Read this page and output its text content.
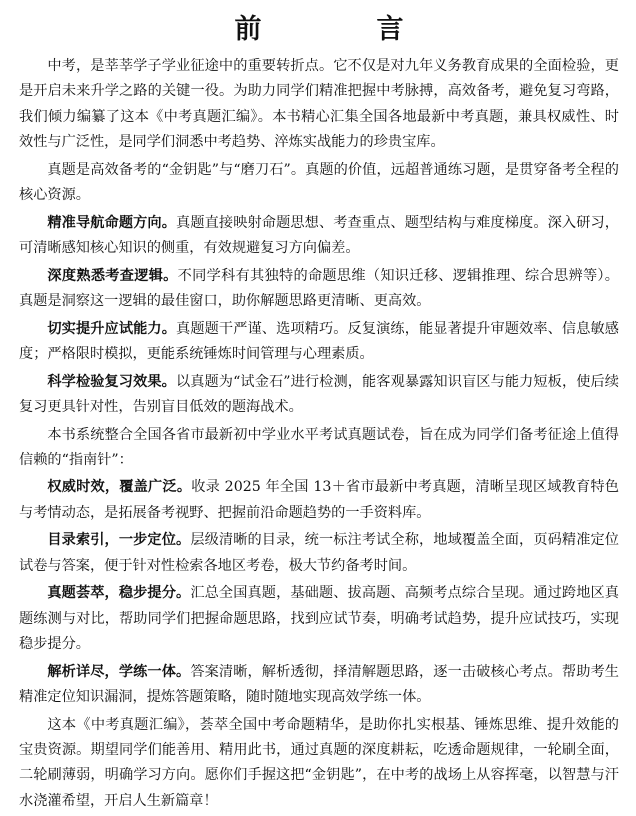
前　言

中考，是莘莘学子学业征途中的重要转折点。它不仅是对九年义务教育成果的全面检验，更是开启未来升学之路的关键一役。为助力同学们精准把握中考脉搏，高效备考，避免复习弯路，我们倾力编纂了这本《中考真题汇编》。本书精心汇集全国各地最新中考真题，兼具权威性、时效性与广泛性，是同学们洞悉中考趋势、淬炼实战能力的珍贵宝库。

真题是高效备考的“金钥匙”与“磨刀石”。真题的价值，远超普通练习题，是贯穿备考全程的核心资源。

精准导航命题方向。真题直接映射命题思想、考查重点、题型结构与难度梯度。深入研习，可清晰感知核心知识的侧重，有效规避复习方向偏差。

深度熟悉考查逻辑。不同学科有其独特的命题思维（知识迁移、逻辑推理、综合思辨等）。真题是洞察这一逻辑的最佳窗口，助你解题思路更清晰、更高效。

切实提升应试能力。真题题干严谨、选项精巧。反复演练，能显著提升审题效率、信息敏感度；严格限时模拟，更能系统锤炼时间管理与心理素质。

科学检验复习效果。以真题为“试金石”进行检测，能客观暴露知识盲区与能力短板，使后续复习更具针对性，告别盲目低效的题海战术。

本书系统整合全国各省市最新初中学业水平考试真题试卷，旨在成为同学们备考征途上值得信赖的“指南针”：

权威时效，覆盖广泛。收录 2025 年全国 13＋省市最新中考真题，清晰呈现区域教育特色与考情动态，是拓展备考视野、把握前沿命题趋势的一手资料库。

目录索引，一步定位。层级清晰的目录，统一标注考试全称，地域覆盖全面，页码精准定位试卷与答案，便于针对性检索各地区考卷，极大节约备考时间。

真题荟萃，稳步提分。汇总全国真题，基础题、拔高题、高频考点综合呈现。通过跨地区真题练测与对比，帮助同学们把握命题思路，找到应试节奏，明确考试趋势，提升应试技巧，实现稳步提分。

解析详尽，学练一体。答案清晰，解析透彻，择清解题思路，逐一击破核心考点。帮助考生精准定位知识漏洞，提炼答题策略，随时随地实现高效学练一体。

这本《中考真题汇编》，荟萃全国中考命题精华，是助你扎实根基、锤炼思维、提升效能的宝贵资源。期望同学们能善用、精用此书，通过真题的深度耕耘，吃透命题规律，一轮刷全面，二轮刷薄弱，明确学习方向。愿你们手握这把“金钥匙”，在中考的战场上从容挥毫，以智慧与汗水浇灌希望，开启人生新篇章！
